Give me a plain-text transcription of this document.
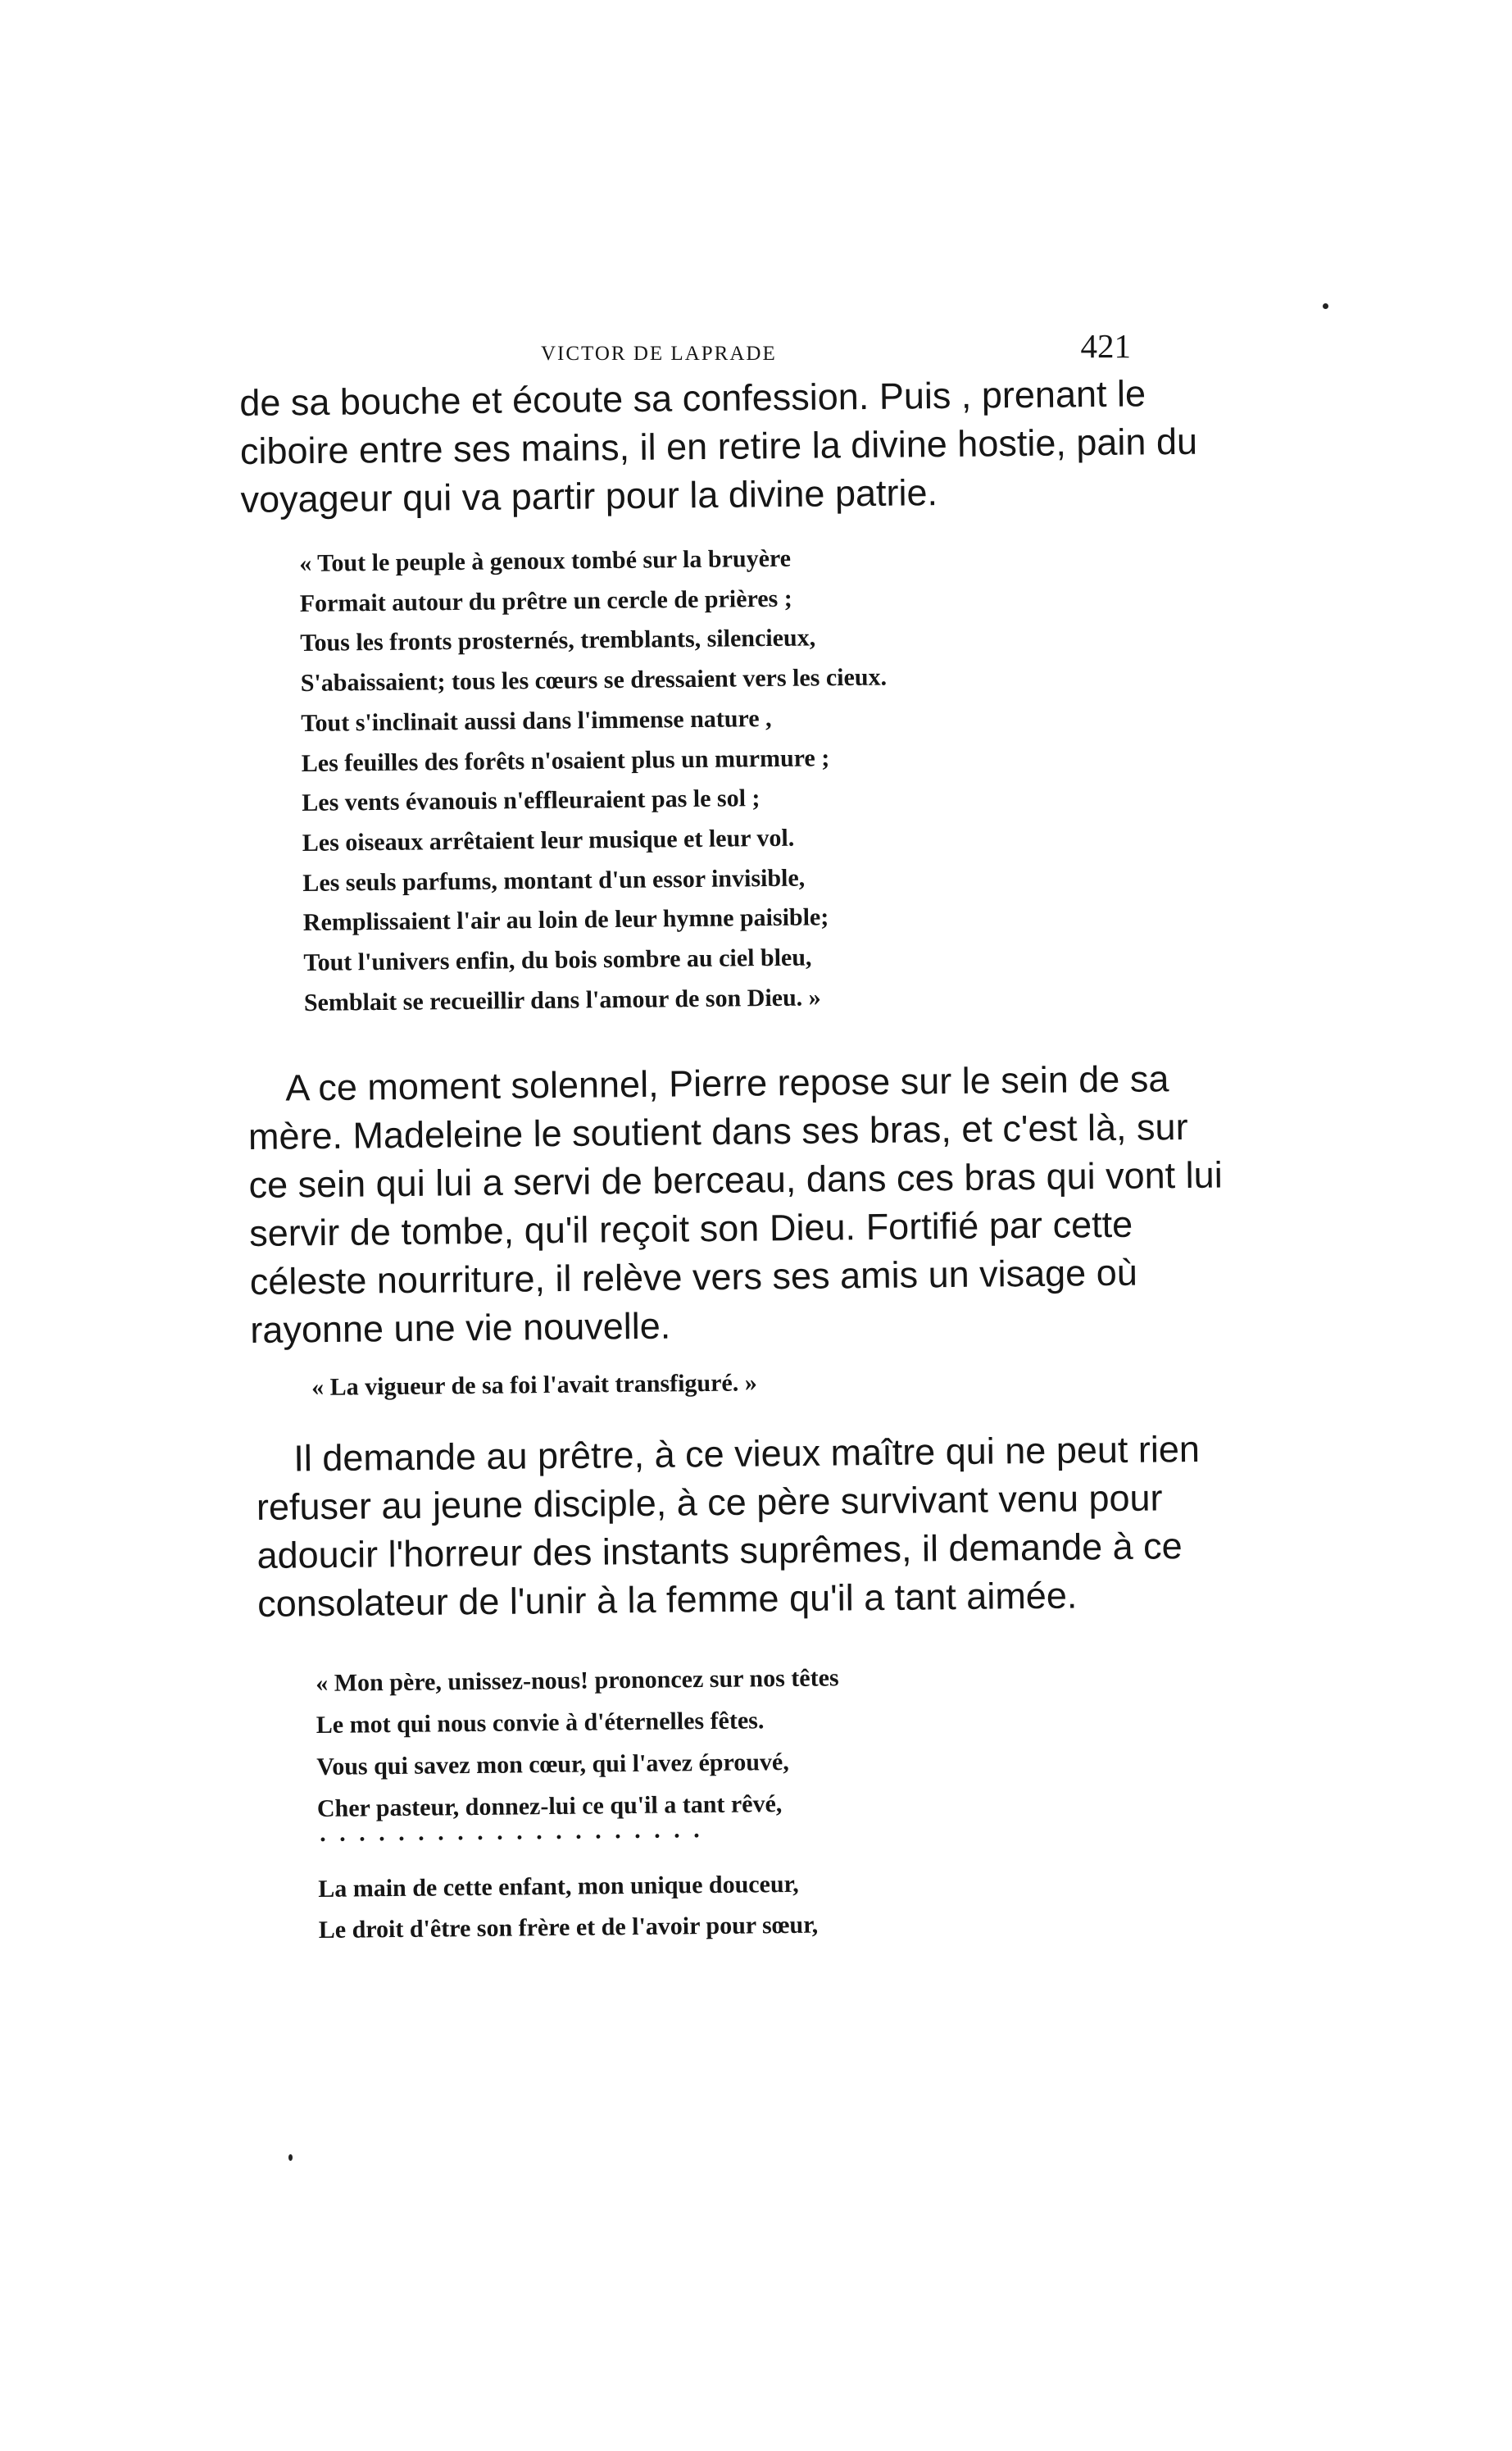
VICTOR DE LAPRADE	421
de sa bouche et écoute sa confession. Puis , prenant le
ciboire entre ses mains, il en retire la divine hostie, pain du
voyageur qui va partir pour la divine patrie.
« Tout le peuple à genoux tombé sur la bruyère
Formait autour du prêtre un cercle de prières ;
Tous les fronts prosternés, tremblants, silencieux,
S'abaissaient; tous les cœurs se dressaient vers les cieux.
Tout s'inclinait aussi dans l'immense nature ,
Les feuilles des forêts n'osaient plus un murmure ;
Les vents évanouis n'effleuraient pas le sol ;
Les oiseaux arrêtaient leur musique et leur vol.
Les seuls parfums, montant d'un essor invisible,
Remplissaient l'air au loin de leur hymne paisible;
Tout l'univers enfin, du bois sombre au ciel bleu,
Semblait se recueillir dans l'amour de son Dieu. »
A ce moment solennel, Pierre repose sur le sein de sa
mère. Madeleine le soutient dans ses bras, et c'est là, sur
ce sein qui lui a servi de berceau, dans ces bras qui vont lui
servir de tombe, qu'il reçoit son Dieu. Fortifié par cette
céleste nourriture, il relève vers ses amis un visage où
rayonne une vie nouvelle.
« La vigueur de sa foi l'avait transfiguré. »
Il demande au prêtre, à ce vieux maître qui ne peut rien
refuser au jeune disciple, à ce père survivant venu pour
adoucir l'horreur des instants suprêmes, il demande à ce
consolateur de l'unir à la femme qu'il a tant aimée.
« Mon père, unissez-nous! prononcez sur nos têtes
Le mot qui nous convie à d'éternelles fêtes.
Vous qui savez mon cœur, qui l'avez éprouvé,
Cher pasteur, donnez-lui ce qu'il a tant rêvé,
....................
La main de cette enfant, mon unique douceur,
Le droit d'être son frère et de l'avoir pour sœur,
